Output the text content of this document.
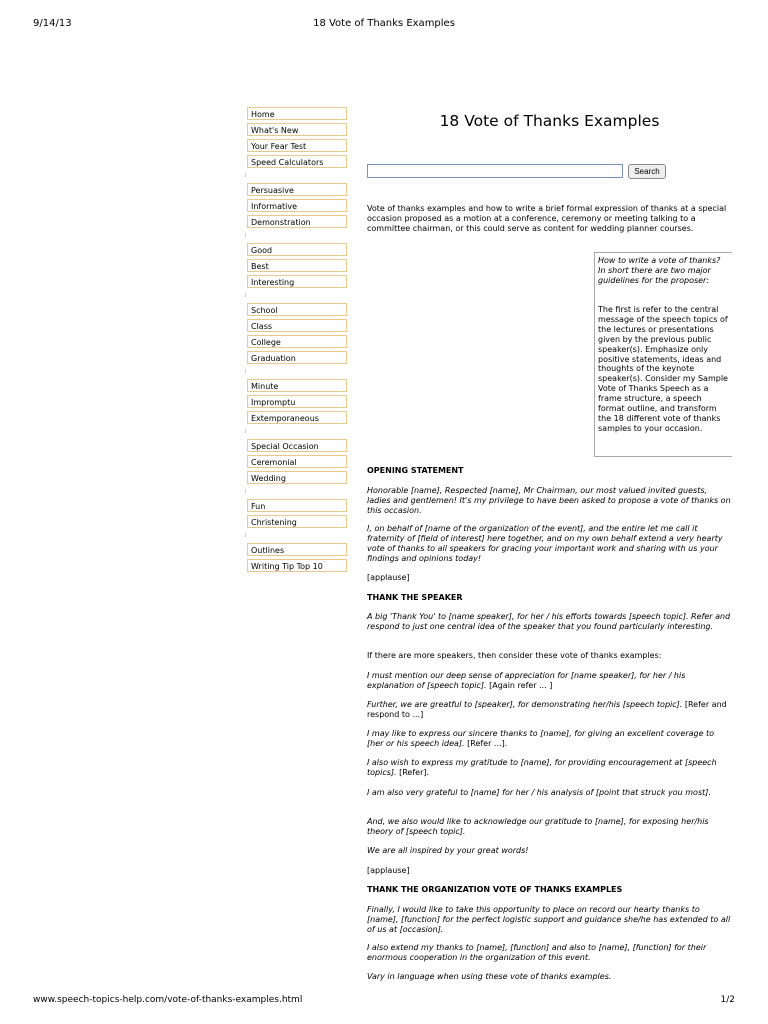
9/14/13	18 Vote of Thanks Examples
Home
What's New
Your Fear Test
Speed Calculators
Persuasive
Informative
Demonstration
Good
Best
Interesting
School
Class
College
Graduation
Minute
Impromptu
Extemporaneous
Special Occasion
Ceremonial
Wedding
Fun
Christening
Outlines
Writing Tip Top 10
18 Vote of Thanks Examples
Search

Vote of thanks examples and how to write a brief formal expression of thanks at a special occasion proposed as a motion at a conference, ceremony or meeting talking to a committee chairman, or this could serve as content for wedding planner courses.

How to write a vote of thanks? In short there are two major guidelines for the proposer:
The first is refer to the central message of the speech topics of the lectures or presentations given by the previous public speaker(s). Emphasize only positive statements, ideas and thoughts of the keynote speaker(s). Consider my Sample Vote of Thanks Speech as a frame structure, a speech format outline, and transform the 18 different vote of thanks samples to your occasion.
OPENING STATEMENT
Honorable [name], Respected [name], Mr Chairman, our most valued invited guests, ladies and gentlemen! It's my privilege to have been asked to propose a vote of thanks on this occasion.
I, on behalf of [name of the organization of the event], and the entire let me call it fraternity of [field of interest] here together, and on my own behalf extend a very hearty vote of thanks to all speakers for gracing your important work and sharing with us your findings and opinions today!
[applause]
THANK THE SPEAKER
A big 'Thank You' to [name speaker], for her / his efforts towards [speech topic]. Refer and respond to just one central idea of the speaker that you found particularly interesting.
If there are more speakers, then consider these vote of thanks examples:
I must mention our deep sense of appreciation for [name speaker], for her / his explanation of [speech topic]. [Again refer ... ]
Further, we are greatful to [speaker], for demonstrating her/his [speech topic]. [Refer and respond to ...]
I may like to express our sincere thanks to [name], for giving an excellent coverage to [her or his speech idea]. [Refer ...].
I also wish to express my gratitude to [name], for providing encouragement at [speech topics]. [Refer].
I am also very grateful to [name] for her / his analysis of [point that struck you most].
And, we also would like to acknowledge our gratitude to [name], for exposing her/his theory of [speech topic].
We are all inspired by your great words!
[applause]
THANK THE ORGANIZATION VOTE OF THANKS EXAMPLES
Finally, I would like to take this opportunity to place on record our hearty thanks to [name], [function] for the perfect logistic support and guidance she/he has extended to all of us at [occasion].
I also extend my thanks to [name], [function] and also to [name], [function] for their enormous cooperation in the organization of this event.
Vary in language when using these vote of thanks examples.
www.speech-topics-help.com/vote-of-thanks-examples.html	1/2
